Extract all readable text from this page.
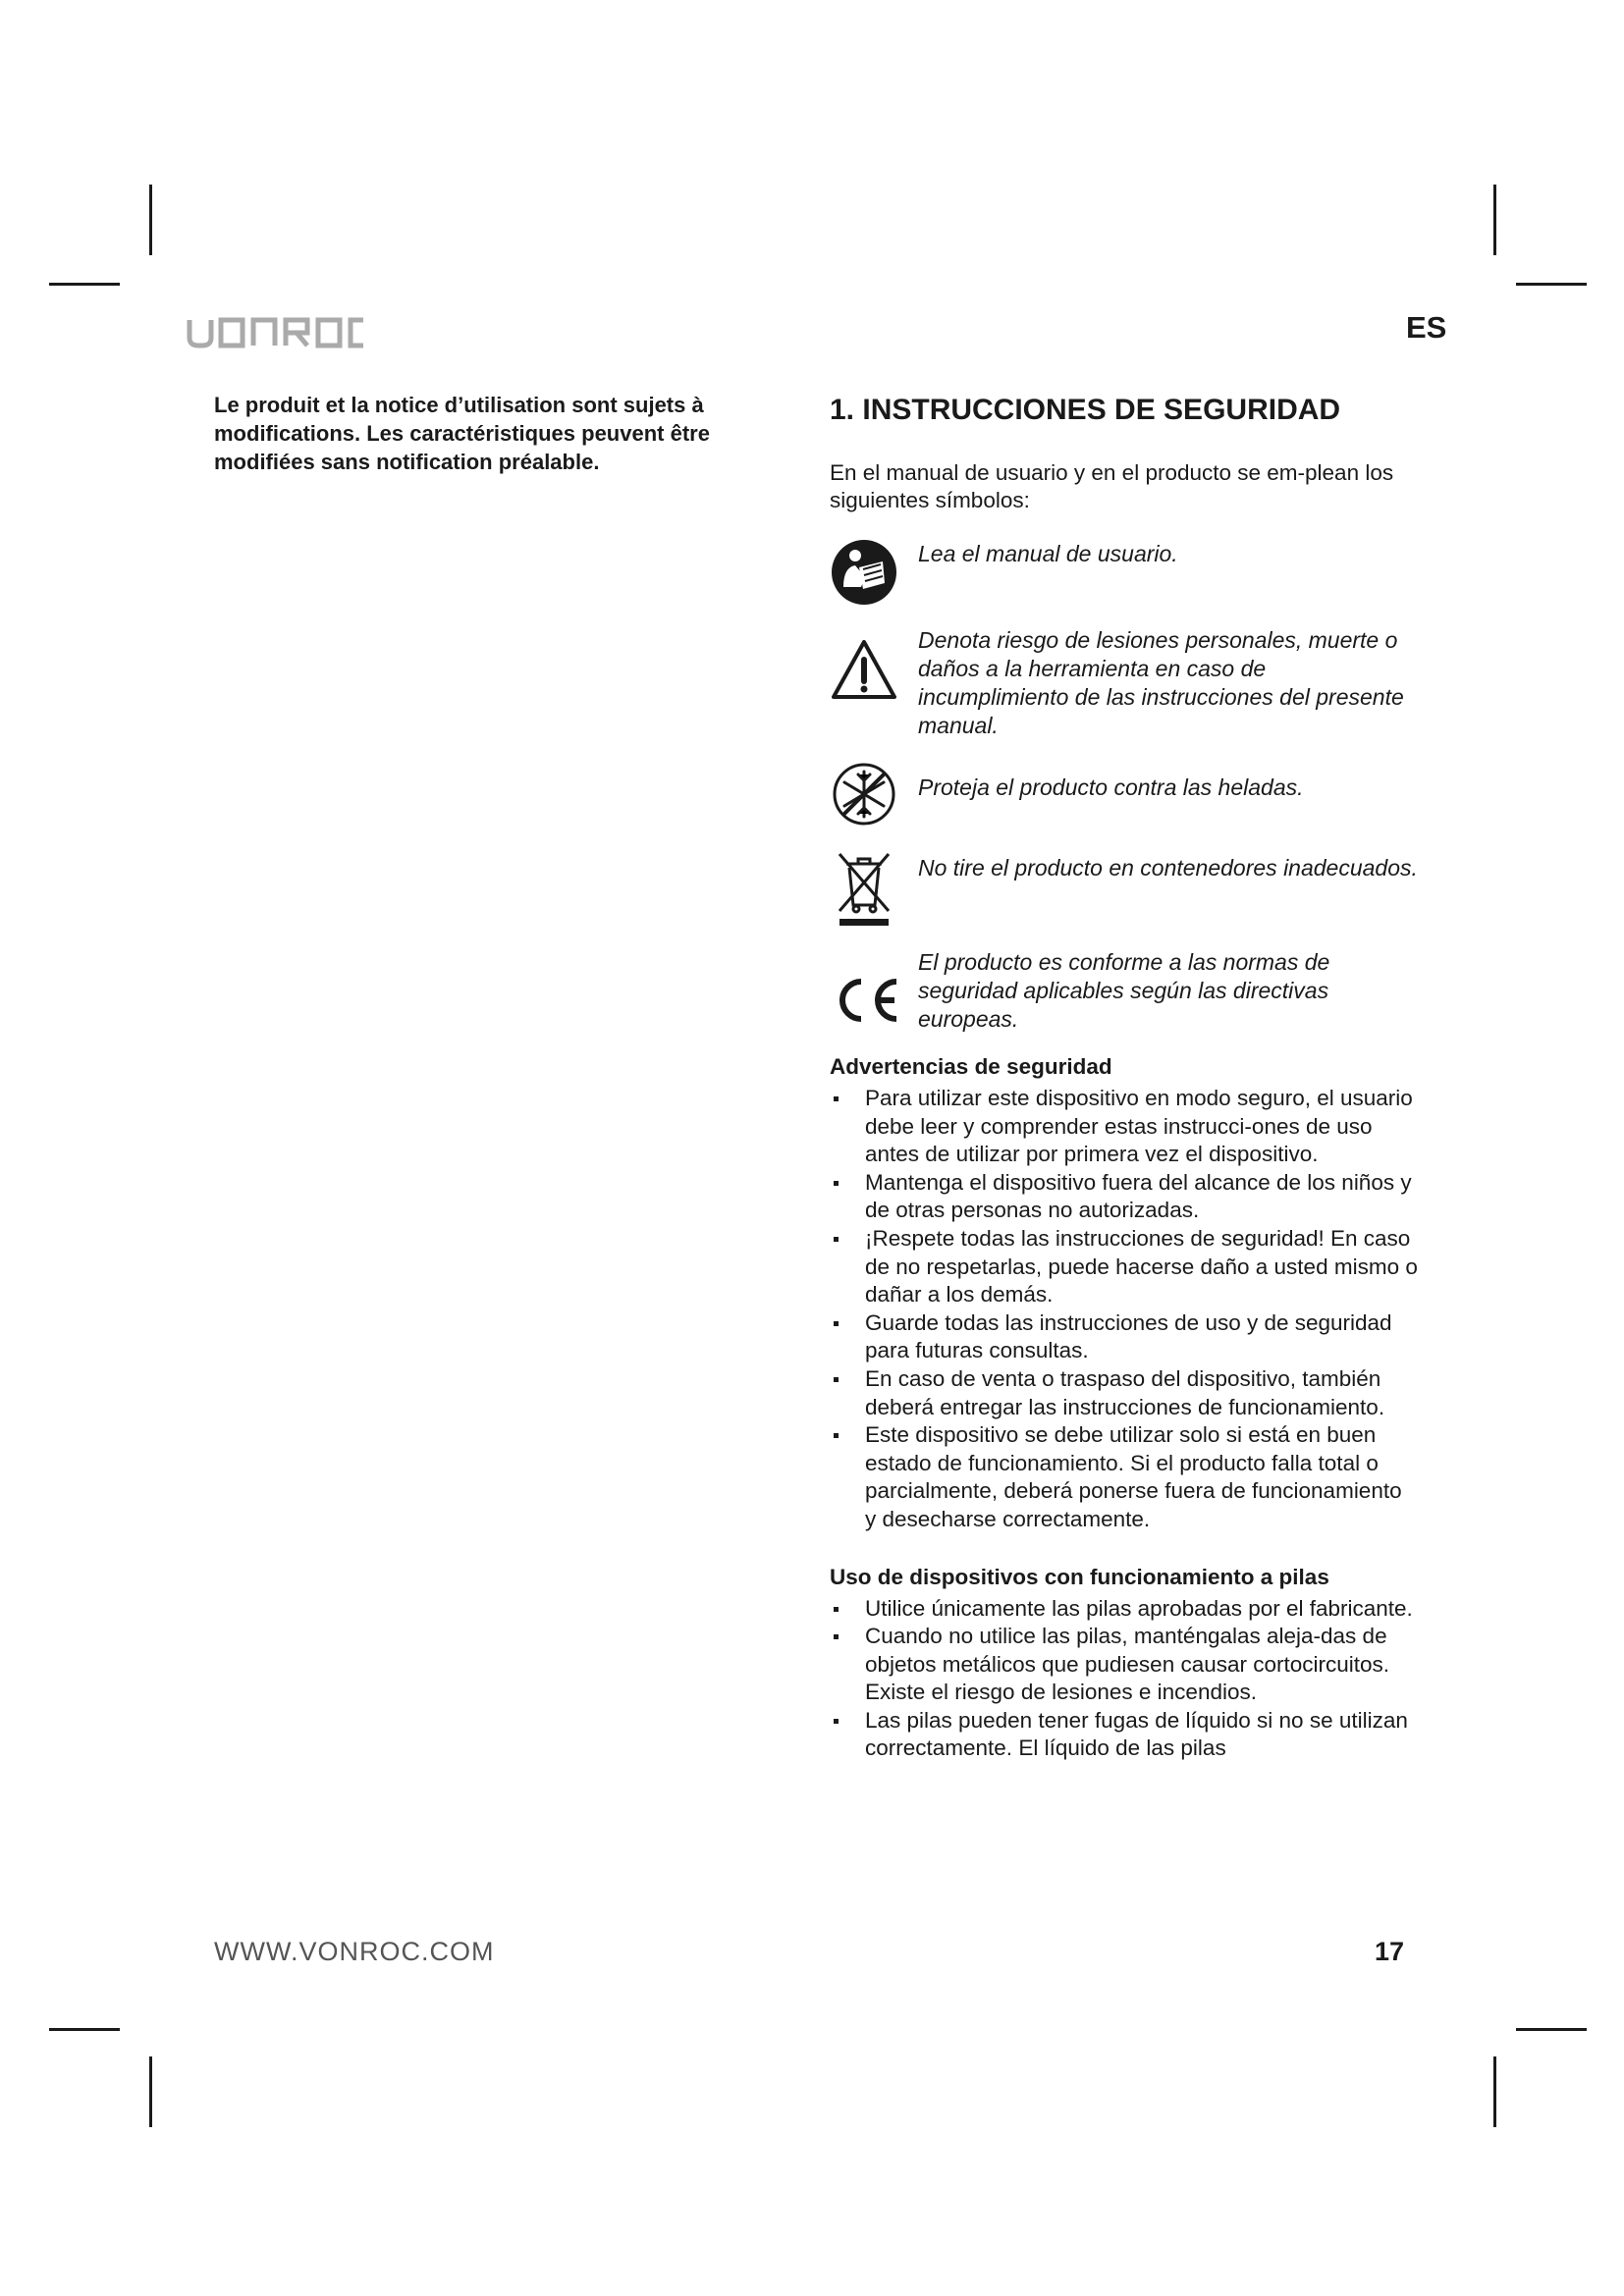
ES

Le produit et la notice d’utilisation sont sujets à modifications. Les caractéristiques peuvent être modifiées sans notification préalable.

1. INSTRUCCIONES DE SEGURIDAD

En el manual de usuario y en el producto se em-plean los siguientes símbolos:

Lea el manual de usuario.
Denota riesgo de lesiones personales, muerte o daños a la herramienta en caso de incumplimiento de las instrucciones del presente manual.
Proteja el producto contra las heladas.
No tire el producto en contenedores inadecuados.
El producto es conforme a las normas de seguridad aplicables según las directivas europeas.
Advertencias de seguridad
Para utilizar este dispositivo en modo seguro, el usuario debe leer y comprender estas instrucci-ones de uso antes de utilizar por primera vez el dispositivo.
Mantenga el dispositivo fuera del alcance de los niños y de otras personas no autorizadas.
¡Respete todas las instrucciones de seguridad! En caso de no respetarlas, puede hacerse daño a usted mismo o dañar a los demás.
Guarde todas las instrucciones de uso y de seguridad para futuras consultas.
En caso de venta o traspaso del dispositivo, también deberá entregar las instrucciones de funcionamiento.
Este dispositivo se debe utilizar solo si está en buen estado de funcionamiento. Si el producto falla total o parcialmente, deberá ponerse fuera de funcionamiento y desecharse correctamente.
Uso de dispositivos con funcionamiento a pilas
Utilice únicamente las pilas aprobadas por el fabricante.
Cuando no utilice las pilas, manténgalas aleja-das de objetos metálicos que pudiesen causar cortocircuitos. Existe el riesgo de lesiones e incendios.
Las pilas pueden tener fugas de líquido si no se utilizan correctamente. El líquido de las pilas
WWW.VONROC.COM	17
